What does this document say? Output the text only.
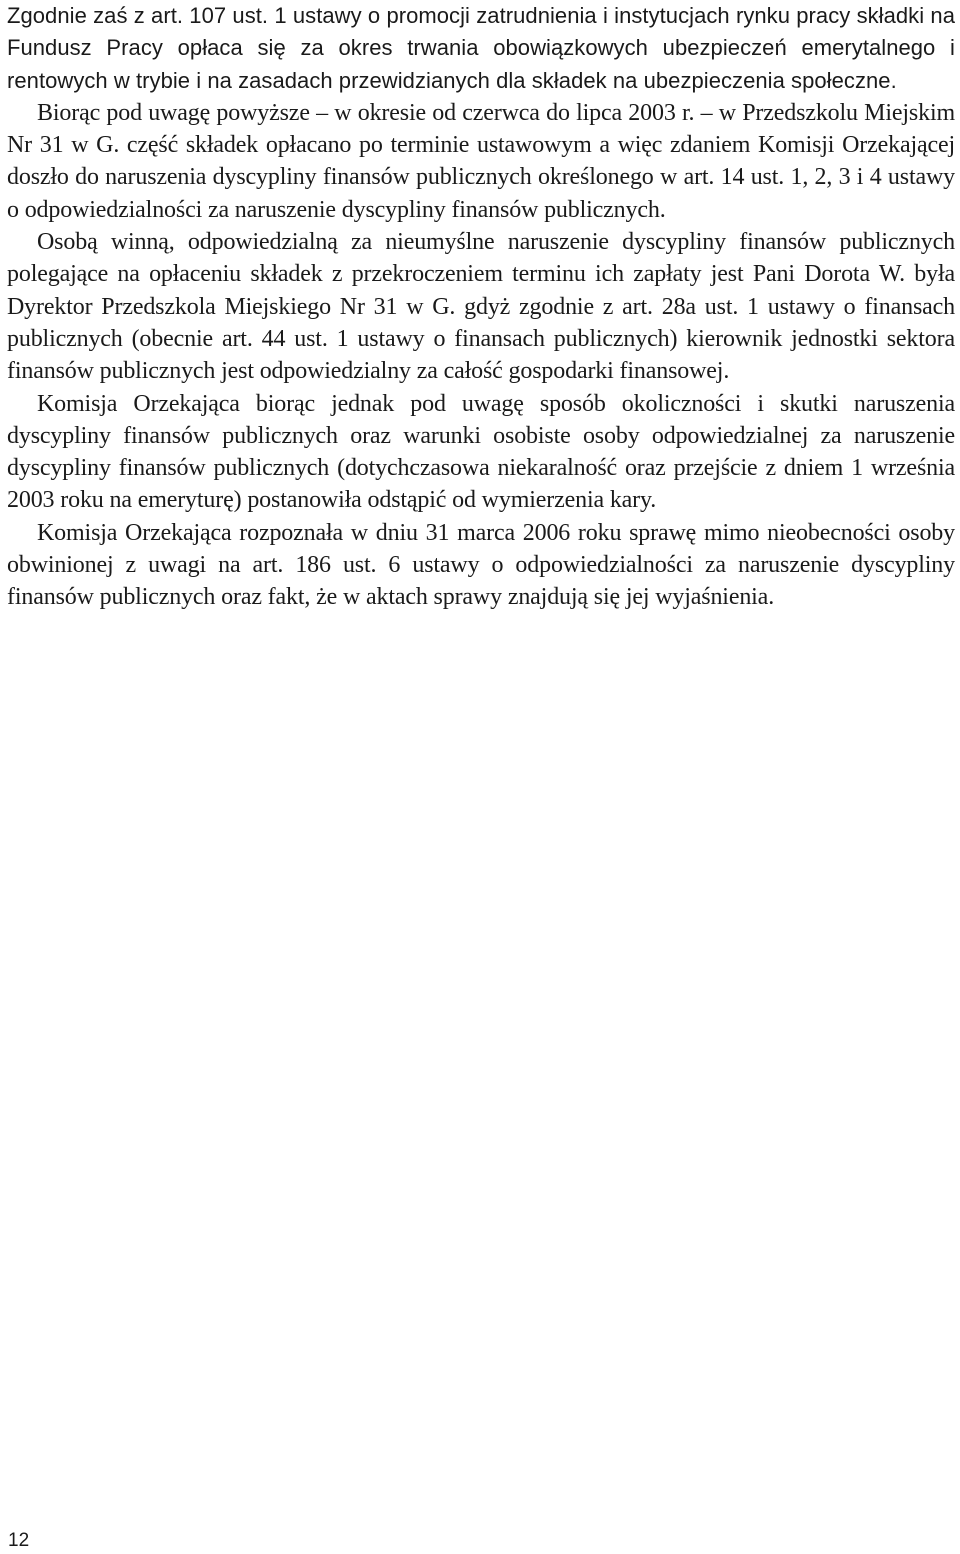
Zgodnie zaś z art. 107 ust. 1 ustawy o promocji zatrudnienia i instytucjach rynku pracy składki na Fundusz Pracy opłaca się za okres trwania obowiązkowych ubezpieczeń emerytalnego i rentowych w trybie i na zasadach przewidzianych dla składek na ubezpieczenia społeczne.

Biorąc pod uwagę powyższe – w okresie od czerwca do lipca 2003 r. – w Przedszkolu Miejskim Nr 31 w G. część składek opłacano po terminie ustawowym a więc zdaniem Komisji Orzekającej doszło do naruszenia dyscypliny finansów publicznych określonego w art. 14 ust. 1, 2, 3 i 4 ustawy o odpowiedzialności za naruszenie dyscypliny finansów publicznych.

Osobą winną, odpowiedzialną za nieumyślne naruszenie dyscypliny finansów publicznych polegające na opłaceniu składek z przekroczeniem terminu ich zapłaty jest Pani Dorota W. była Dyrektor Przedszkola Miejskiego Nr 31 w G. gdyż zgodnie z art. 28a ust. 1 ustawy o finansach publicznych (obecnie art. 44 ust. 1 ustawy o finansach publicznych) kierownik jednostki sektora finansów publicznych jest odpowiedzialny za całość gospodarki finansowej.

Komisja Orzekająca biorąc jednak pod uwagę sposób okoliczności i skutki naruszenia dyscypliny finansów publicznych oraz warunki osobiste osoby odpowiedzialnej za naruszenie dyscypliny finansów publicznych (dotychczasowa niekaralność oraz przejście z dniem 1 września 2003 roku na emeryturę) postanowiła odstąpić od wymierzenia kary.

Komisja Orzekająca rozpoznała w dniu 31 marca 2006 roku sprawę mimo nieobecności osoby obwinionej z uwagi na art. 186 ust. 6 ustawy o odpowiedzialności za naruszenie dyscypliny finansów publicznych oraz fakt, że w aktach sprawy znajdują się jej wyjaśnienia.

12
